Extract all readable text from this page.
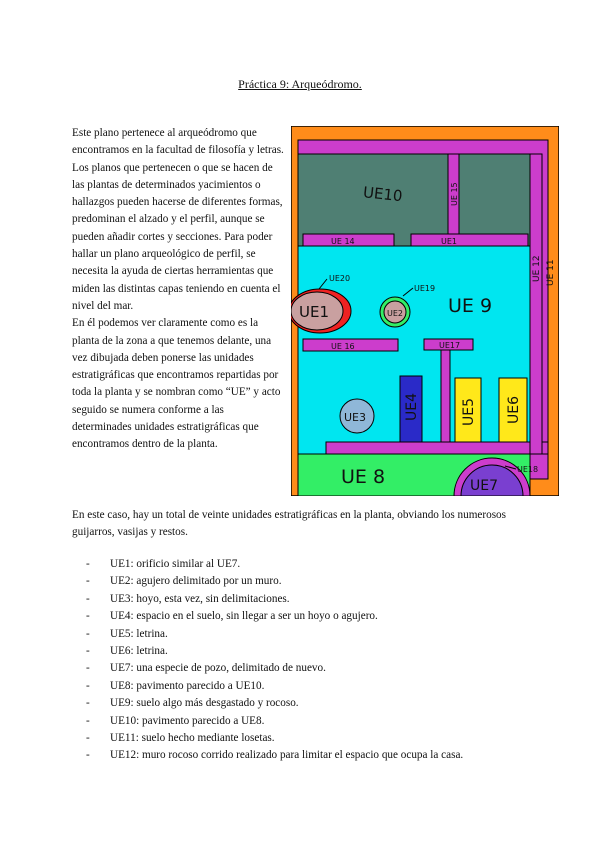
Práctica 9: Arqueódromo.

Este plano pertenece al arqueódromo que encontramos en la facultad de filosofía y letras. Los planos que pertenecen o que se hacen de las plantas de determinados yacimientos o hallazgos pueden hacerse de diferentes formas, predominan el alzado y el perfil, aunque se pueden añadir cortes y secciones. Para poder hallar un plano arqueológico de perfil, se necesita la ayuda de ciertas herramientas que miden las distintas capas teniendo en cuenta el nivel del mar.

En él podemos ver claramente como es la planta de la zona a que tenemos delante, una vez dibujada deben ponerse las unidades estratigráficas que encontramos repartidas por toda la planta y se nombran como “UE” y acto seguido se numera conforme a las determinades unidades estratigráficas que encontramos dentro de la planta.

En este caso, hay un total de veinte unidades estratigráficas en la planta, obviando los numerosos guijarros, vasijas y restos.

- UE1: orificio similar al UE7.
- UE2: agujero delimitado por un muro.
- UE3: hoyo, esta vez, sin delimitaciones.
- UE4: espacio en el suelo, sin llegar a ser un hoyo o agujero.
- UE5: letrina.
- UE6: letrina.
- UE7: una especie de pozo, delimitado de nuevo.
- UE8: pavimento parecido a UE10.
- UE9: suelo algo más desgastado y rocoso.
- UE10: pavimento parecido a UE8.
- UE11: suelo hecho mediante losetas.
- UE12: muro rocoso corrido realizado para limitar el espacio que ocupa la casa.
UE10	UE 15
UE 14	UE1
UE 12 UE 11
UE20
UE19
UE 9
UE1	UE2
UE 16	UE17
UE3	UE4	UE5 UE6
UE18
UE 8	UE7
